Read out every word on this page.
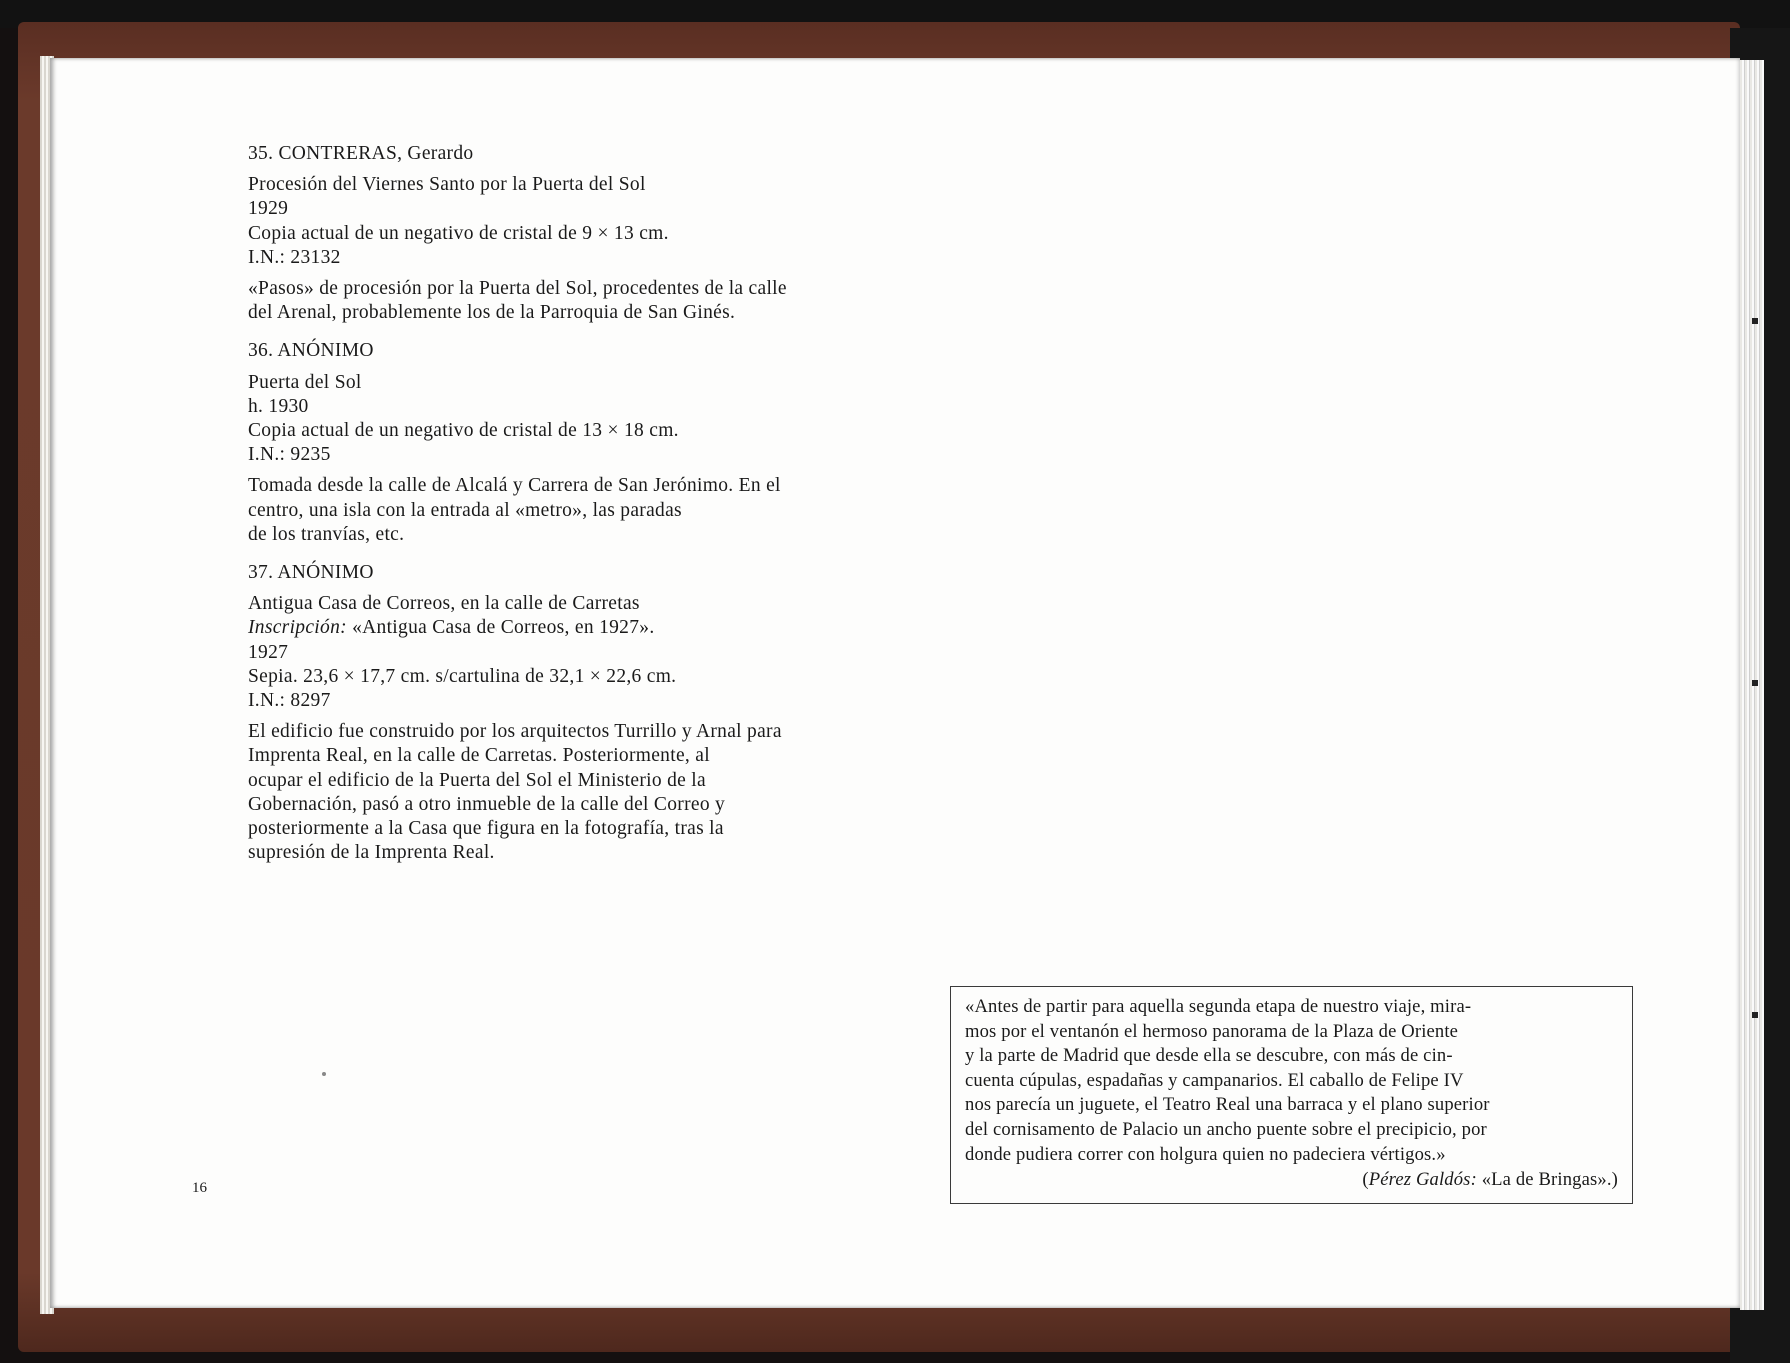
35. CONTRERAS, Gerardo
Procesión del Viernes Santo por la Puerta del Sol
1929
Copia actual de un negativo de cristal de 9 × 13 cm.
I.N.: 23132
«Pasos» de procesión por la Puerta del Sol, procedentes de la calle
del Arenal, probablemente los de la Parroquia de San Ginés.
36. ANÓNIMO
Puerta del Sol
h. 1930
Copia actual de un negativo de cristal de 13 × 18 cm.
I.N.: 9235
Tomada desde la calle de Alcalá y Carrera de San Jerónimo. En el
centro, una isla con la entrada al «metro», las paradas
de los tranvías, etc.
37. ANÓNIMO
Antigua Casa de Correos, en la calle de Carretas
Inscripción: «Antigua Casa de Correos, en 1927».
1927
Sepia. 23,6 × 17,7 cm. s/cartulina de 32,1 × 22,6 cm.
I.N.: 8297
El edificio fue construido por los arquitectos Turrillo y Arnal para
Imprenta Real, en la calle de Carretas. Posteriormente, al
ocupar el edificio de la Puerta del Sol el Ministerio de la
Gobernación, pasó a otro inmueble de la calle del Correo y
posteriormente a la Casa que figura en la fotografía, tras la
supresión de la Imprenta Real.
16
«Antes de partir para aquella segunda etapa de nuestro viaje, mira-
mos por el ventanón el hermoso panorama de la Plaza de Oriente
y la parte de Madrid que desde ella se descubre, con más de cin-
cuenta cúpulas, espadañas y campanarios. El caballo de Felipe IV
nos parecía un juguete, el Teatro Real una barraca y el plano superior
del cornisamento de Palacio un ancho puente sobre el precipicio, por
donde pudiera correr con holgura quien no padeciera vértigos.»
(Pérez Galdós: «La de Bringas».)
